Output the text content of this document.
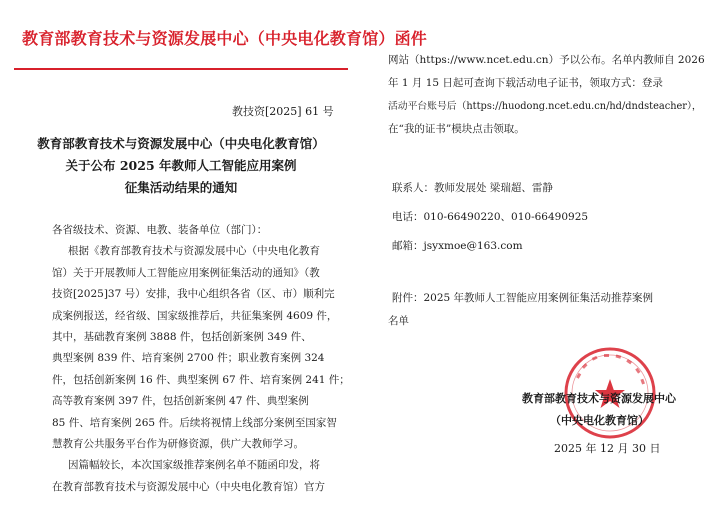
教育部教育技术与资源发展中心（中央电化教育馆）函件
教技资[2025] 61 号
教育部教育技术与资源发展中心（中央电化教育馆）
关于公布 2025 年教师人工智能应用案例
征集活动结果的通知
各省级技术、资源、电教、装备单位（部门）：
根据《教育部教育技术与资源发展中心（中央电化教育
馆）关于开展教师人工智能应用案例征集活动的通知》（教
技资[2025]37 号）安排，我中心组织各省（区、市）顺利完
成案例报送，经省级、国家级推荐后，共征集案例 4609 件，
其中，基础教育案例 3888 件，包括创新案例 349 件、
典型案例 839 件、培育案例 2700 件；职业教育案例 324
件，包括创新案例 16 件、典型案例 67 件、培育案例 241 件；
高等教育案例 397 件，包括创新案例 47 件、典型案例
85 件、培育案例 265 件。后续将视情上线部分案例至国家智
慧教育公共服务平台作为研修资源，供广大教师学习。
因篇幅较长，本次国家级推荐案例名单不随函印发，将
在教育部教育技术与资源发展中心（中央电化教育馆）官方
网站（https://www.ncet.edu.cn）予以公布。名单内教师自 2026
年 1 月 15 日起可查询下载活动电子证书，领取方式：登录
活动平台账号后（https://huodong.ncet.edu.cn/hd/dndsteacher），
在“我的证书”模块点击领取。
联系人：教师发展处 梁瑞超、雷静
电话：010-66490220、010-66490925
邮箱：jsyxmoe@163.com
附件：2025 年教师人工智能应用案例征集活动推荐案例
名单
教育部教育技术与资源发展中心
（中央电化教育馆）
2025 年 12 月 30 日
